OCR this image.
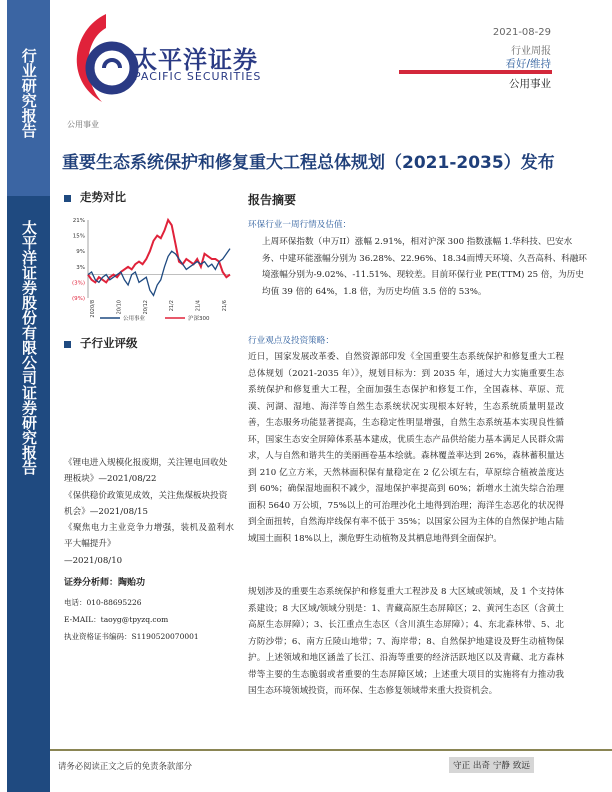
行业研究报告
太平洋证券股份有限公司证券研究报告
太平洋证券
PACIFIC SECURITIES
2021-08-29
行业周报
看好/维持
公用事业
公用事业
重要生态系统保护和修复重大工程总体规划（2021-2035）发布
走势对比
21%
15%
9%
3%
(3%)
(9%)
2020/8	20/10	20/12	21/2	21/4	21/6
公用事业	沪深300
子行业评级
《锂电进入规模化报废期，关注锂电回收处理板块》—2021/08/22
《保供稳价政策见成效，关注焦煤板块投资机会》—2021/08/15
《聚焦电力主业竞争力增强，装机及盈利水平大幅提升》
—2021/08/10
证券分析师：陶贻功
电话：010-88695226
E-MAIL：taoyg@tpyzq.com
执业资格证书编码：S1190520070001
报告摘要
环保行业一周行情及估值：
上周环保指数（申万II）涨幅 2.91%，相对沪深 300 指数涨幅 1.华科技、巴安水务、中建环能涨幅分别为 36.28%、22.96%、18.34而博天环境、久吾高科、科融环境涨幅分别为-9.02%、-11.51%、现较差。目前环保行业 PE(TTM) 25 倍，为历史均值 39 倍的 64%，1.8 倍，为历史均值 3.5 倍的 53%。
行业观点及投资策略：
近日，国家发展改革委、自然资源部印发《全国重要生态系统保护和修复重大工程总体规划（2021-2035 年）》，规划目标为：到 2035 年，通过大力实施重要生态系统保护和修复重大工程，全面加强生态保护和修复工作，全国森林、草原、荒漠、河湖、湿地、海洋等自然生态系统状况实现根本好转，生态系统质量明显改善，生态服务功能显著提高，生态稳定性明显增强，自然生态系统基本实现良性循环，国家生态安全屏障体系基本建成，优质生态产品供给能力基本满足人民群众需求，人与自然和谐共生的美丽画卷基本绘就。森林覆盖率达到 26%，森林蓄积量达到 210 亿立方米，天然林面积保有量稳定在 2 亿公顷左右，草原综合植被盖度达到 60%；确保湿地面积不减少，湿地保护率提高到 60%；新增水土流失综合治理面积 5640 万公顷，75%以上的可治理沙化土地得到治理；海洋生态恶化的状况得到全面扭转，自然海岸线保有率不低于 35%；以国家公园为主体的自然保护地占陆域国土面积 18%以上，濒危野生动植物及其栖息地得到全面保护。
规划涉及的重要生态系统保护和修复重大工程涉及 8 大区域或领域，及 1 个支持体系建设；8 大区域/领域分别是：1、青藏高原生态屏障区；2、黄河生态区（含黄土高原生态屏障）；3、长江重点生态区（含川滇生态屏障）；4、东北森林带、5、北方防沙带；6、南方丘陵山地带；7、海岸带；8、自然保护地建设及野生动植物保护。上述领域和地区涵盖了长江、沿海等重要的经济活跃地区以及青藏、北方森林带等主要的生态脆弱或者重要的生态屏障区域；上述重大项目的实施将有力推动我国生态环境领域投资，而环保、生态修复领域带来重大投资机会。
请务必阅读正文之后的免责条款部分	守正 出奇 宁静 致远
